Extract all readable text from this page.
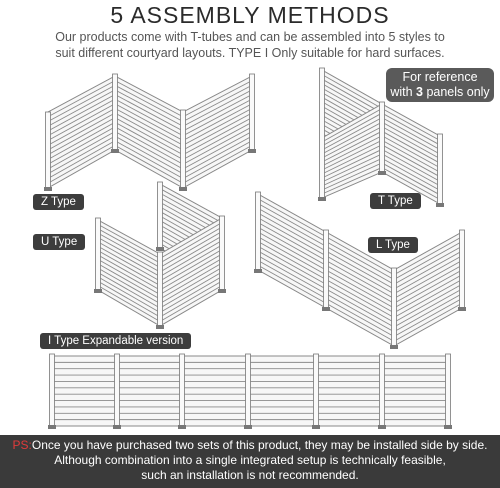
5 ASSEMBLY METHODS
Our products come with T-tubes and can be assembled into 5 styles to
suit different courtyard layouts. TYPE I Only suitable for hard surfaces.
For reference
with 3 panels only
Z Type	T Type
U Type	L Type
I Type Expandable version
PS:Once you have purchased two sets of this product, they may be installed side by side.
Although combination into a single integrated setup is technically feasible,
such an installation is not recommended.
